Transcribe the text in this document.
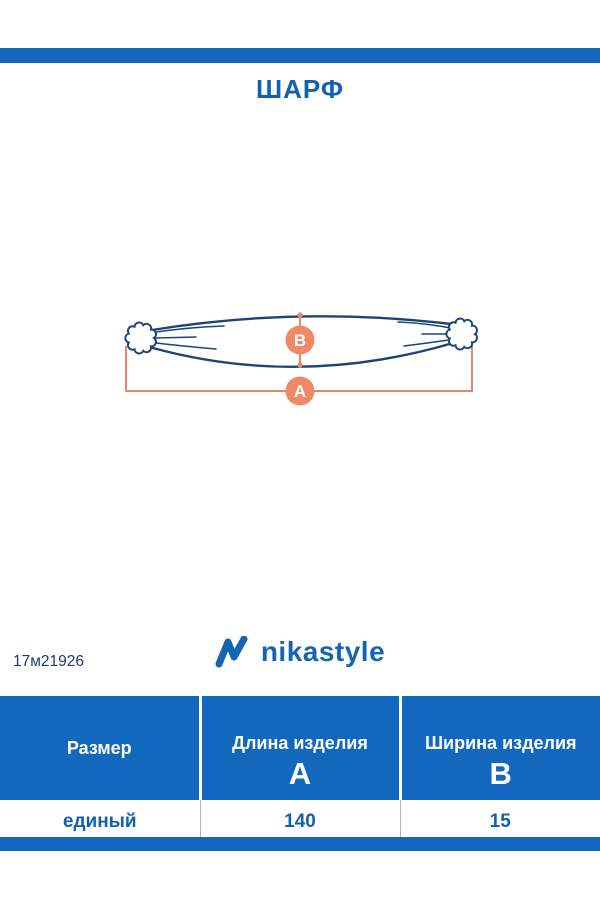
ШАРФ
B
A
17м21926	nikastyle
Размер	Длина изделия	Ширина изделия
	A	B
единый	140	15
